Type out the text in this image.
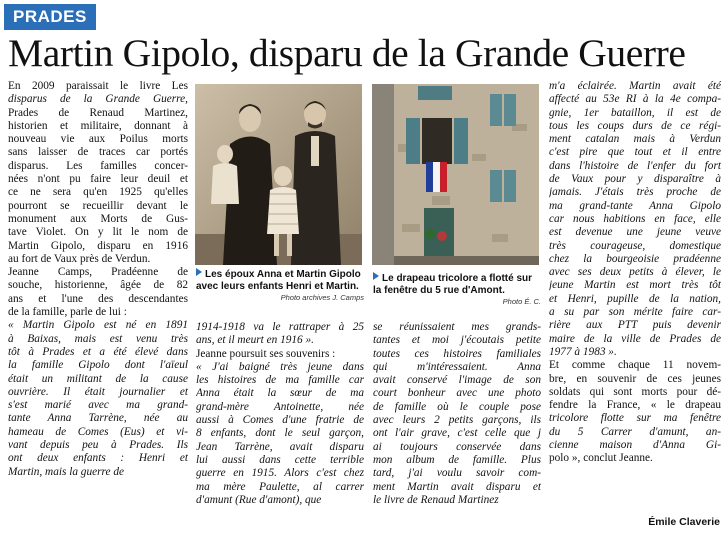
PRADES
Martin Gipolo, disparu de la Grande Guerre
En 2009 paraissait le livre Les
disparus de la Grande Guerre,
Prades de Renaud Martinez,
historien et militaire, donnant à
nouveau vie aux Poilus morts
sans laisser de traces car portés
disparus. Les familles concer-
nées n'ont pu faire leur deuil et
ce ne sera qu'en 1925 qu'elles
pourront se recueillir devant le
monument aux Morts de Gus-
tave Violet. On y lit le nom de
Martin Gipolo, disparu en 1916
au fort de Vaux près de Verdun.
Jeanne Camps, Pradéenne de
souche, historienne, âgée de 82
ans et l'une des descendantes
de la famille, parle de lui :
« Martin Gipolo est né en 1891
à Baixas, mais est venu très
tôt à Prades et a été élevé dans
la famille Gipolo dont l'aïeul
était un militant de la cause
ouvrière. Il était journalier et
s'est marié avec ma grand-
tante Anna Tarrène, née au
hameau de Comes (Eus) et vi-
vant depuis peu à Prades. Ils
ont deux enfants : Henri et
Martin, mais la guerre de
Les époux Anna et Martin Gipolo avec leurs enfants Henri et Martin.
Photo archives J. Camps
Le drapeau tricolore a flotté sur la fenêtre du 5 rue d'Amont.
Photo É. C.
1914-1918 va le rattraper à 25
ans, et il meurt en 1916 ».
Jeanne poursuit ses souvenirs :
« J'ai baigné très jeune dans
les histoires de ma famille car
Anna était la sœur de ma
grand-mère Antoinette, née
aussi à Comes d'une fratrie de
8 enfants, dont le seul garçon,
Jean Tarrène, avait disparu
lui aussi dans cette terrible
guerre en 1915. Alors c'est chez
ma mère Paulette, al carrer
d'amunt (Rue d'amont), que
se réunissaient mes grands-
tantes et moi j'écoutais petite
toutes ces histoires familiales
qui m'intéressaient. Anna
avait conservé l'image de son
court bonheur avec une photo
de famille où le couple pose
avec leurs 2 petits garçons, ils
ont l'air grave, c'est celle que j
ai toujours conservée dans
mon album de famille. Plus
tard, j'ai voulu savoir com-
ment Martin avait disparu et
le livre de Renaud Martinez
m'a éclairée. Martin avait été
affecté au 53e RI à la 4e compa-
gnie, 1er bataillon, il est de
tous les coups durs de ce régi-
ment catalan mais à Verdun
c'est pire que tout et il entre
dans l'histoire de l'enfer du fort
de Vaux pour y disparaître à
jamais. J'étais très proche de
ma grand-tante Anna Gipolo
car nous habitions en face, elle
est devenue une jeune veuve
très courageuse, domestique
chez la bourgeoisie pradéenne
avec ses deux petits à élever, le
jeune Martin est mort très tôt
et Henri, pupille de la nation,
a su par son mérite faire car-
rière aux PTT puis devenir
maire de la ville de Prades de
1977 à 1983 ».
Et comme chaque 11 novem-
bre, en souvenir de ces jeunes
soldats qui sont morts pour dé-
fendre la France, « le drapeau
tricolore flotte sur ma fenêtre
du 5 Carrer d'amunt, an-
cienne maison d'Anna Gi-
polo », conclut Jeanne.
Émile Claverie
